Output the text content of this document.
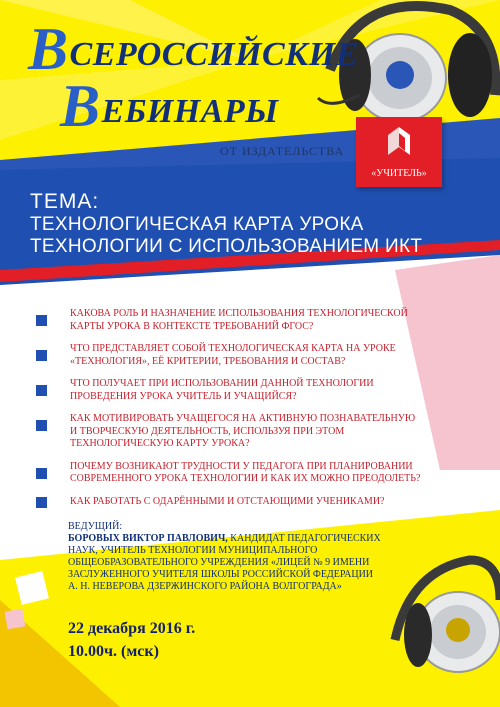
ВСЕРОССИЙСКИЕ
ВЕБИНАРЫ
ОТ ИЗДАТЕЛЬСТВА
«УЧИТЕЛЬ»
ТЕМА:
ТЕХНОЛОГИЧЕСКАЯ КАРТА УРОКА
ТЕХНОЛОГИИ С ИСПОЛЬЗОВАНИЕМ ИКТ
КАКОВА РОЛЬ И НАЗНАЧЕНИЕ ИСПОЛЬЗОВАНИЯ ТЕХНОЛОГИЧЕСКОЙ
КАРТЫ УРОКА В КОНТЕКСТЕ ТРЕБОВАНИЙ ФГОС?
ЧТО ПРЕДСТАВЛЯЕТ СОБОЙ ТЕХНОЛОГИЧЕСКАЯ КАРТА НА УРОКЕ
«ТЕХНОЛОГИЯ», ЕЁ КРИТЕРИИ, ТРЕБОВАНИЯ И СОСТАВ?
ЧТО ПОЛУЧАЕТ ПРИ ИСПОЛЬЗОВАНИИ ДАННОЙ ТЕХНОЛОГИИ
ПРОВЕДЕНИЯ УРОКА УЧИТЕЛЬ И УЧАЩИЙСЯ?
КАК МОТИВИРОВАТЬ УЧАЩЕГОСЯ НА АКТИВНУЮ ПОЗНАВАТЕЛЬНУЮ
И ТВОРЧЕСКУЮ ДЕЯТЕЛЬНОСТЬ, ИСПОЛЬЗУЯ ПРИ ЭТОМ
ТЕХНОЛОГИЧЕСКУЮ КАРТУ УРОКА?
ПОЧЕМУ ВОЗНИКАЮТ ТРУДНОСТИ У ПЕДАГОГА ПРИ ПЛАНИРОВАНИИ
СОВРЕМЕННОГО УРОКА ТЕХНОЛОГИИ И КАК ИХ МОЖНО ПРЕОДОЛЕТЬ?
КАК РАБОТАТЬ С ОДАРЁННЫМИ И ОТСТАЮЩИМИ УЧЕНИКАМИ?
ВЕДУЩИЙ:
БОРОВЫХ ВИКТОР ПАВЛОВИЧ, КАНДИДАТ ПЕДАГОГИЧЕСКИХ
НАУК, УЧИТЕЛЬ ТЕХНОЛОГИИ МУНИЦИПАЛЬНОГО
ОБЩЕОБРАЗОВАТЕЛЬНОГО УЧРЕЖДЕНИЯ «ЛИЦЕЙ № 9 ИМЕНИ
ЗАСЛУЖЕННОГО УЧИТЕЛЯ ШКОЛЫ РОССИЙСКОЙ ФЕДЕРАЦИИ
А. Н. НЕВЕРОВА ДЗЕРЖИНСКОГО РАЙОНА ВОЛГОГРАДА»
22 декабря 2016 г.
10.00ч. (мск)
